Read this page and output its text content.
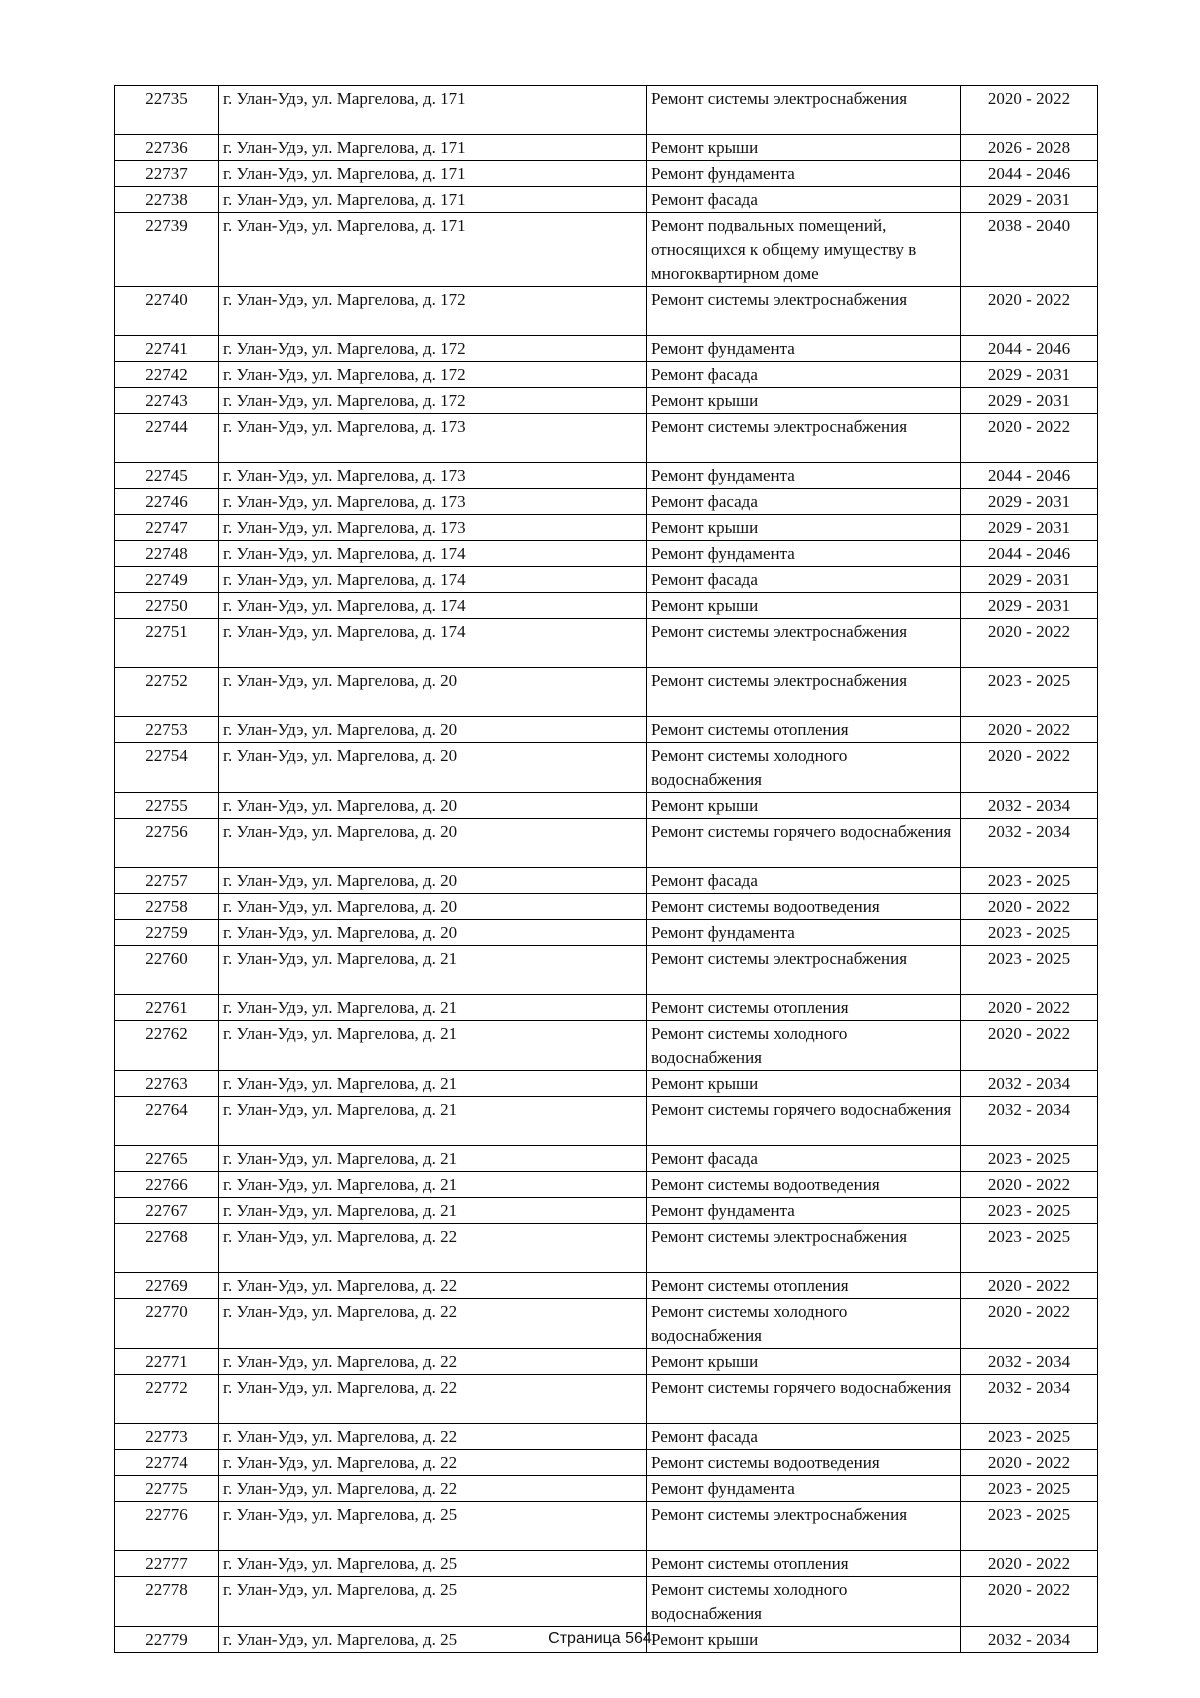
22735	г. Улан-Удэ, ул. Маргелова, д. 171	Ремонт системы электроснабжения	2020 - 2022
22736	г. Улан-Удэ, ул. Маргелова, д. 171	Ремонт крыши	2026 - 2028
22737	г. Улан-Удэ, ул. Маргелова, д. 171	Ремонт фундамента	2044 - 2046
22738	г. Улан-Удэ, ул. Маргелова, д. 171	Ремонт фасада	2029 - 2031
22739	г. Улан-Удэ, ул. Маргелова, д. 171	Ремонт подвальных помещений, относящихся к общему имуществу в многоквартирном доме	2038 - 2040
22740	г. Улан-Удэ, ул. Маргелова, д. 172	Ремонт системы электроснабжения	2020 - 2022
22741	г. Улан-Удэ, ул. Маргелова, д. 172	Ремонт фундамента	2044 - 2046
22742	г. Улан-Удэ, ул. Маргелова, д. 172	Ремонт фасада	2029 - 2031
22743	г. Улан-Удэ, ул. Маргелова, д. 172	Ремонт крыши	2029 - 2031
22744	г. Улан-Удэ, ул. Маргелова, д. 173	Ремонт системы электроснабжения	2020 - 2022
22745	г. Улан-Удэ, ул. Маргелова, д. 173	Ремонт фундамента	2044 - 2046
22746	г. Улан-Удэ, ул. Маргелова, д. 173	Ремонт фасада	2029 - 2031
22747	г. Улан-Удэ, ул. Маргелова, д. 173	Ремонт крыши	2029 - 2031
22748	г. Улан-Удэ, ул. Маргелова, д. 174	Ремонт фундамента	2044 - 2046
22749	г. Улан-Удэ, ул. Маргелова, д. 174	Ремонт фасада	2029 - 2031
22750	г. Улан-Удэ, ул. Маргелова, д. 174	Ремонт крыши	2029 - 2031
22751	г. Улан-Удэ, ул. Маргелова, д. 174	Ремонт системы электроснабжения	2020 - 2022
22752	г. Улан-Удэ, ул. Маргелова, д. 20	Ремонт системы электроснабжения	2023 - 2025
22753	г. Улан-Удэ, ул. Маргелова, д. 20	Ремонт системы отопления	2020 - 2022
22754	г. Улан-Удэ, ул. Маргелова, д. 20	Ремонт системы холодного водоснабжения	2020 - 2022
22755	г. Улан-Удэ, ул. Маргелова, д. 20	Ремонт крыши	2032 - 2034
22756	г. Улан-Удэ, ул. Маргелова, д. 20	Ремонт системы горячего водоснабжения	2032 - 2034
22757	г. Улан-Удэ, ул. Маргелова, д. 20	Ремонт фасада	2023 - 2025
22758	г. Улан-Удэ, ул. Маргелова, д. 20	Ремонт системы водоотведения	2020 - 2022
22759	г. Улан-Удэ, ул. Маргелова, д. 20	Ремонт фундамента	2023 - 2025
22760	г. Улан-Удэ, ул. Маргелова, д. 21	Ремонт системы электроснабжения	2023 - 2025
22761	г. Улан-Удэ, ул. Маргелова, д. 21	Ремонт системы отопления	2020 - 2022
22762	г. Улан-Удэ, ул. Маргелова, д. 21	Ремонт системы холодного водоснабжения	2020 - 2022
22763	г. Улан-Удэ, ул. Маргелова, д. 21	Ремонт крыши	2032 - 2034
22764	г. Улан-Удэ, ул. Маргелова, д. 21	Ремонт системы горячего водоснабжения	2032 - 2034
22765	г. Улан-Удэ, ул. Маргелова, д. 21	Ремонт фасада	2023 - 2025
22766	г. Улан-Удэ, ул. Маргелова, д. 21	Ремонт системы водоотведения	2020 - 2022
22767	г. Улан-Удэ, ул. Маргелова, д. 21	Ремонт фундамента	2023 - 2025
22768	г. Улан-Удэ, ул. Маргелова, д. 22	Ремонт системы электроснабжения	2023 - 2025
22769	г. Улан-Удэ, ул. Маргелова, д. 22	Ремонт системы отопления	2020 - 2022
22770	г. Улан-Удэ, ул. Маргелова, д. 22	Ремонт системы холодного водоснабжения	2020 - 2022
22771	г. Улан-Удэ, ул. Маргелова, д. 22	Ремонт крыши	2032 - 2034
22772	г. Улан-Удэ, ул. Маргелова, д. 22	Ремонт системы горячего водоснабжения	2032 - 2034
22773	г. Улан-Удэ, ул. Маргелова, д. 22	Ремонт фасада	2023 - 2025
22774	г. Улан-Удэ, ул. Маргелова, д. 22	Ремонт системы водоотведения	2020 - 2022
22775	г. Улан-Удэ, ул. Маргелова, д. 22	Ремонт фундамента	2023 - 2025
22776	г. Улан-Удэ, ул. Маргелова, д. 25	Ремонт системы электроснабжения	2023 - 2025
22777	г. Улан-Удэ, ул. Маргелова, д. 25	Ремонт системы отопления	2020 - 2022
22778	г. Улан-Удэ, ул. Маргелова, д. 25	Ремонт системы холодного водоснабжения	2020 - 2022
22779	г. Улан-Удэ, ул. Маргелова, д. 25	Ремонт крыши	2032 - 2034
Страница 564
